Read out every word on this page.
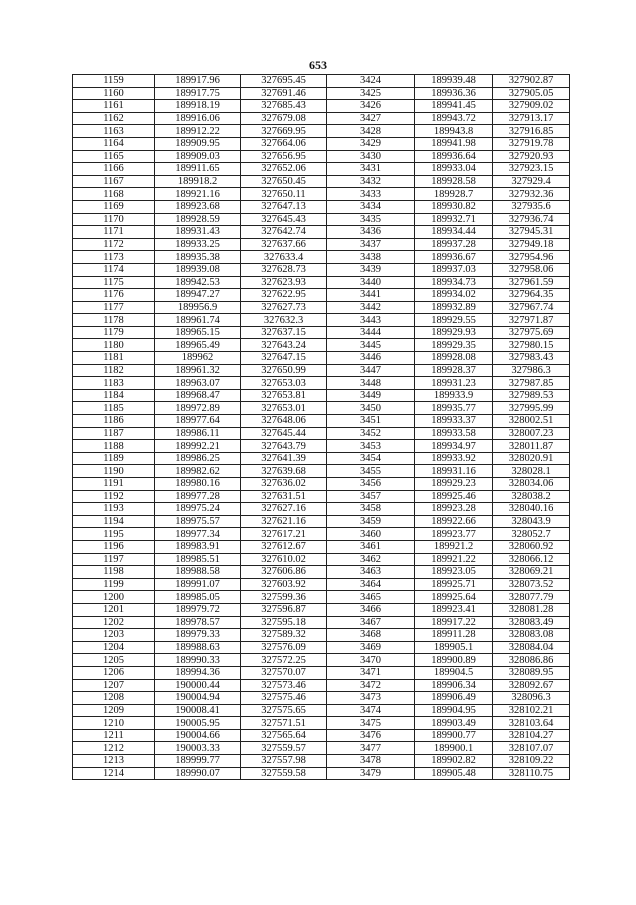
653
1159	189917.96	327695.45	3424	189939.48	327902.87
1160	189917.75	327691.46	3425	189936.36	327905.05
1161	189918.19	327685.43	3426	189941.45	327909.02
1162	189916.06	327679.08	3427	189943.72	327913.17
1163	189912.22	327669.95	3428	189943.8	327916.85
1164	189909.95	327664.06	3429	189941.98	327919.78
1165	189909.03	327656.95	3430	189936.64	327920.93
1166	189911.65	327652.06	3431	189933.04	327923.15
1167	189918.2	327650.45	3432	189928.58	327929.4
1168	189921.16	327650.11	3433	189928.7	327932.36
1169	189923.68	327647.13	3434	189930.82	327935.6
1170	189928.59	327645.43	3435	189932.71	327936.74
1171	189931.43	327642.74	3436	189934.44	327945.31
1172	189933.25	327637.66	3437	189937.28	327949.18
1173	189935.38	327633.4	3438	189936.67	327954.96
1174	189939.08	327628.73	3439	189937.03	327958.06
1175	189942.53	327623.93	3440	189934.73	327961.59
1176	189947.27	327622.95	3441	189934.02	327964.35
1177	189956.9	327627.73	3442	189932.89	327967.74
1178	189961.74	327632.3	3443	189929.55	327971.87
1179	189965.15	327637.15	3444	189929.93	327975.69
1180	189965.49	327643.24	3445	189929.35	327980.15
1181	189962	327647.15	3446	189928.08	327983.43
1182	189961.32	327650.99	3447	189928.37	327986.3
1183	189963.07	327653.03	3448	189931.23	327987.85
1184	189968.47	327653.81	3449	189933.9	327989.53
1185	189972.89	327653.01	3450	189935.77	327995.99
1186	189977.64	327648.06	3451	189933.37	328002.51
1187	189986.11	327645.44	3452	189933.58	328007.23
1188	189992.21	327643.79	3453	189934.97	328011.87
1189	189986.25	327641.39	3454	189933.92	328020.91
1190	189982.62	327639.68	3455	189931.16	328028.1
1191	189980.16	327636.02	3456	189929.23	328034.06
1192	189977.28	327631.51	3457	189925.46	328038.2
1193	189975.24	327627.16	3458	189923.28	328040.16
1194	189975.57	327621.16	3459	189922.66	328043.9
1195	189977.34	327617.21	3460	189923.77	328052.7
1196	189983.91	327612.67	3461	189921.2	328060.92
1197	189985.51	327610.02	3462	189921.22	328066.12
1198	189988.58	327606.86	3463	189923.05	328069.21
1199	189991.07	327603.92	3464	189925.71	328073.52
1200	189985.05	327599.36	3465	189925.64	328077.79
1201	189979.72	327596.87	3466	189923.41	328081.28
1202	189978.57	327595.18	3467	189917.22	328083.49
1203	189979.33	327589.32	3468	189911.28	328083.08
1204	189988.63	327576.09	3469	189905.1	328084.04
1205	189990.33	327572.25	3470	189900.89	328086.86
1206	189994.36	327570.07	3471	189904.5	328089.95
1207	190000.44	327573.46	3472	189906.34	328092.67
1208	190004.94	327575.46	3473	189906.49	328096.3
1209	190008.41	327575.65	3474	189904.95	328102.21
1210	190005.95	327571.51	3475	189903.49	328103.64
1211	190004.66	327565.64	3476	189900.77	328104.27
1212	190003.33	327559.57	3477	189900.1	328107.07
1213	189999.77	327557.98	3478	189902.82	328109.22
1214	189990.07	327559.58	3479	189905.48	328110.75
